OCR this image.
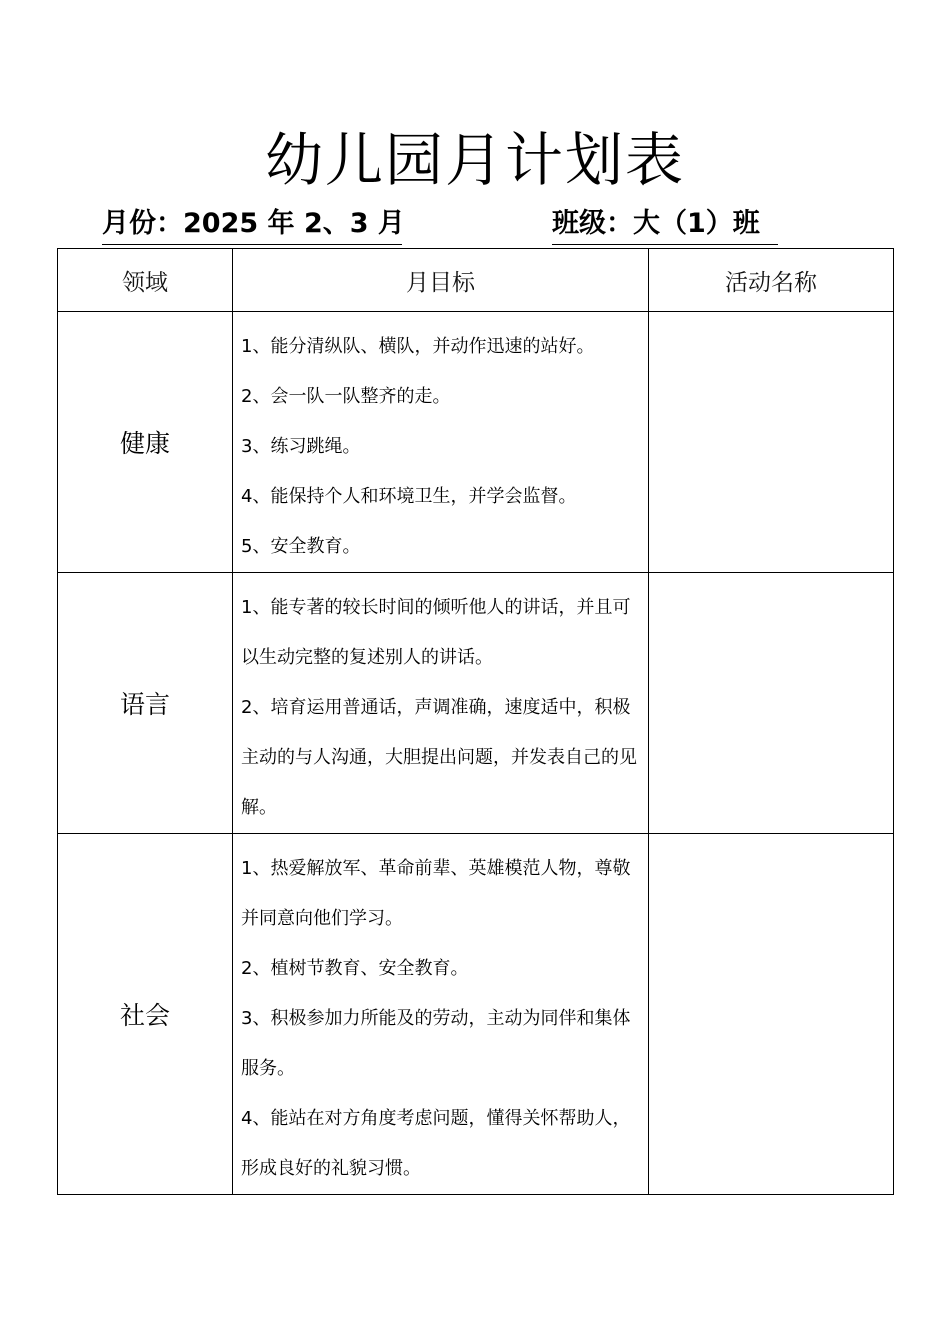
幼儿园月计划表
月份：2025 年 2、3 月	班级：大（1）班
领域	月目标	活动名称
健康	1、能分清纵队、横队，并动作迅速的站好。

2、会一队一队整齐的走。

3、练习跳绳。

4、能保持个人和环境卫生，并学会监督。

5、安全教育。	

语言	1、能专著的较长时间的倾听他人的讲话，并且可以生动完整的复述别人的讲话。

2、培育运用普通话，声调准确，速度适中，积极主动的与人沟通，大胆提出问题，并发表自己的见解。	

社会	1、热爱解放军、革命前辈、英雄模范人物，尊敬并同意向他们学习。

2、植树节教育、安全教育。

3、积极参加力所能及的劳动，主动为同伴和集体服务。

4、能站在对方角度考虑问题，懂得关怀帮助人，形成良好的礼貌习惯。	
